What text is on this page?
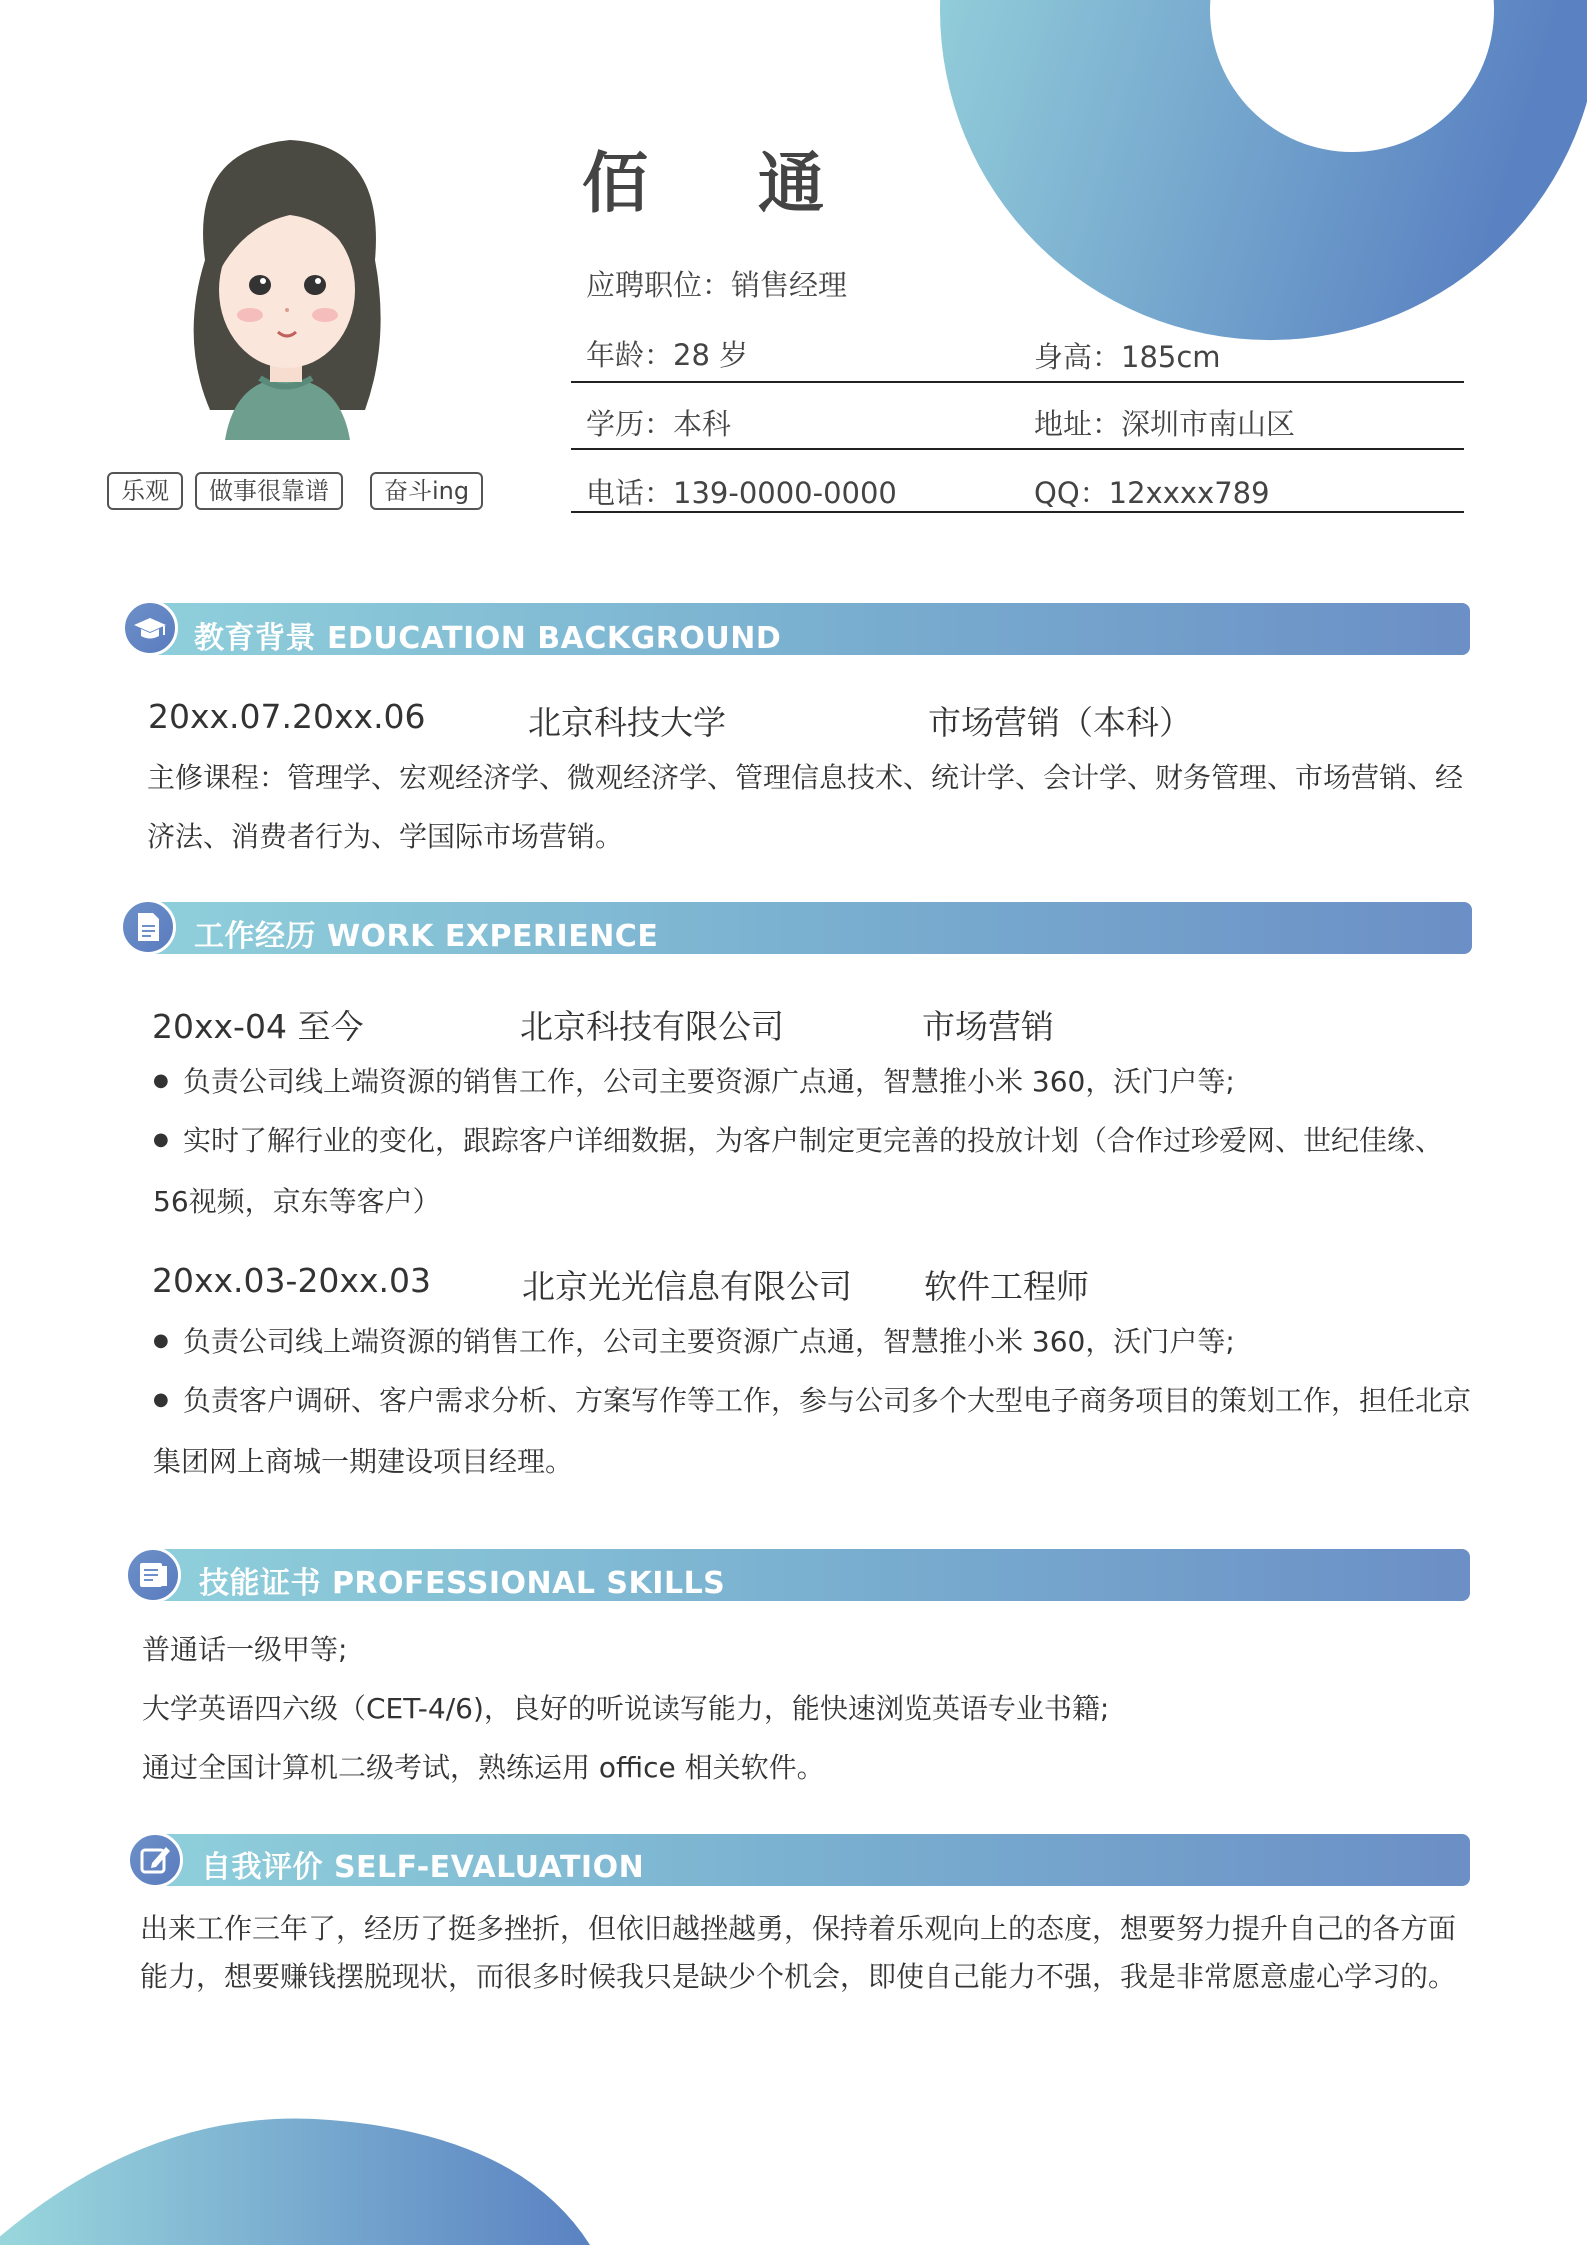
乐观	做事很靠谱	奋斗ing
佰 通
应聘职位：销售经理
年龄：28 岁	身高：185cm
学历：本科	地址：深圳市南山区
电话：139-0000-0000	QQ：12xxxx789
教育背景 EDUCATION BACKGROUND
20xx.07.20xx.06	北京科技大学	市场营销（本科）
主修课程：管理学、宏观经济学、微观经济学、管理信息技术、统计学、会计学、财务管理、市场营销、经济法、消费者行为、学国际市场营销。
工作经历 WORK EXPERIENCE
20xx-04 至今	北京科技有限公司	市场营销
● 负责公司线上端资源的销售工作，公司主要资源广点通，智慧推小米 360，沃门户等;
● 实时了解行业的变化，跟踪客户详细数据，为客户制定更完善的投放计划（合作过珍爱网、世纪佳缘、56视频，京东等客户）
20xx.03-20xx.03	北京光光信息有限公司 软件工程师
● 负责公司线上端资源的销售工作，公司主要资源广点通，智慧推小米 360，沃门户等;
● 负责客户调研、客户需求分析、方案写作等工作，参与公司多个大型电子商务项目的策划工作，担任北京集团网上商城一期建设项目经理。
技能证书 PROFESSIONAL SKILLS
普通话一级甲等;
大学英语四六级（CET-4/6)，良好的听说读写能力，能快速浏览英语专业书籍;
通过全国计算机二级考试，熟练运用 office 相关软件。
自我评价 SELF-EVALUATION
出来工作三年了，经历了挺多挫折，但依旧越挫越勇，保持着乐观向上的态度，想要努力提升自己的各方面能力，想要赚钱摆脱现状，而很多时候我只是缺少个机会，即使自己能力不强，我是非常愿意虚心学习的。
